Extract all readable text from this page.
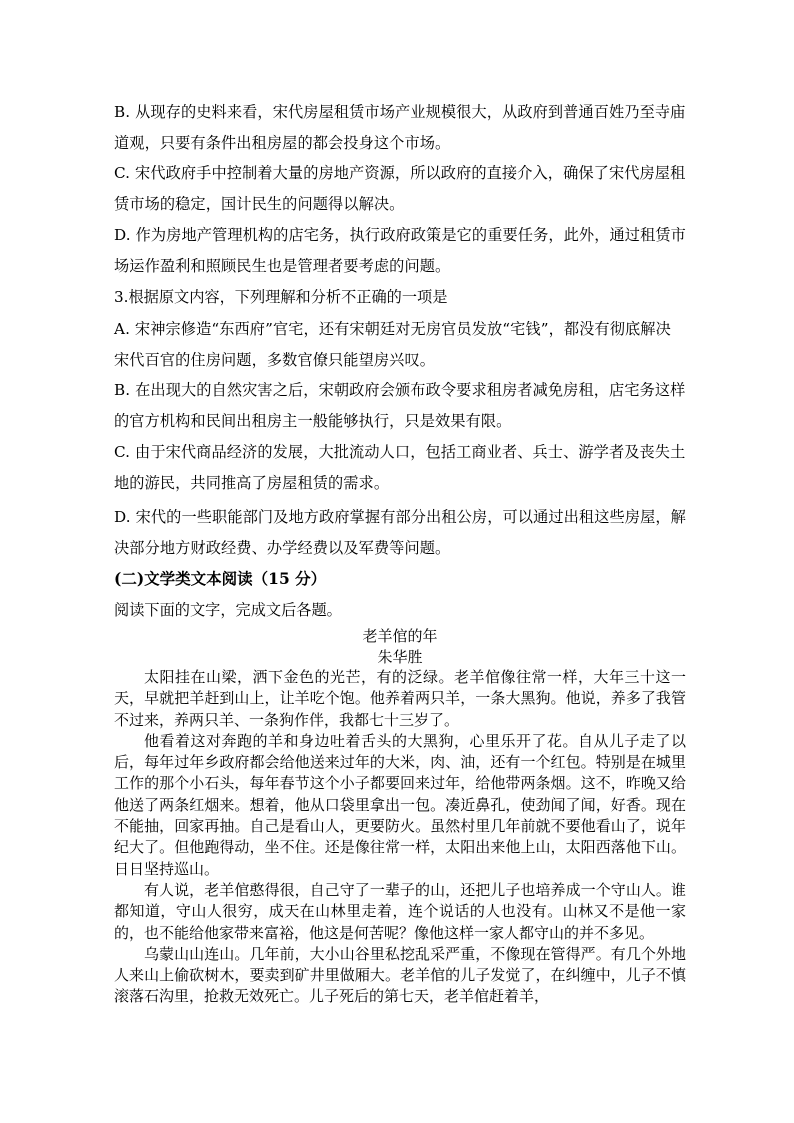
B. 从现存的史料来看，宋代房屋租赁市场产业规模很大，从政府到普通百姓乃至寺庙道观，只要有条件出租房屋的都会投身这个市场。
C. 宋代政府手中控制着大量的房地产资源，所以政府的直接介入，确保了宋代房屋租赁市场的稳定，国计民生的问题得以解决。
D. 作为房地产管理机构的店宅务，执行政府政策是它的重要任务，此外，通过租赁市场运作盈利和照顾民生也是管理者要考虑的问题。
3.根据原文内容，下列理解和分析不正确的一项是
A. 宋神宗修造“东西府”官宅，还有宋朝廷对无房官员发放“宅钱”，都没有彻底解决宋代百官的住房问题，多数官僚只能望房兴叹。
B. 在出现大的自然灾害之后，宋朝政府会颁布政令要求租房者减免房租，店宅务这样的官方机构和民间出租房主一般能够执行，只是效果有限。
C. 由于宋代商品经济的发展，大批流动人口，包括工商业者、兵士、游学者及丧失土地的游民，共同推高了房屋租赁的需求。
D. 宋代的一些职能部门及地方政府掌握有部分出租公房，可以通过出租这些房屋，解决部分地方财政经费、办学经费以及军费等问题。
(二)文学类文本阅读（15 分）
阅读下面的文字，完成文后各题。
老羊倌的年
朱华胜

太阳挂在山梁，洒下金色的光芒，有的泛绿。老羊倌像往常一样，大年三十这一天，早就把羊赶到山上，让羊吃个饱。他养着两只羊，一条大黑狗。他说，养多了我管不过来，养两只羊、一条狗作伴，我都七十三岁了。

他看着这对奔跑的羊和身边吐着舌头的大黑狗，心里乐开了花。自从儿子走了以后，每年过年乡政府都会给他送来过年的大米，肉、油，还有一个红包。特别是在城里工作的那个小石头，每年春节这个小子都要回来过年，给他带两条烟。这不，昨晚又给他送了两条红烟来。想着，他从口袋里拿出一包。凑近鼻孔，使劲闻了闻，好香。现在不能抽，回家再抽。自己是看山人，更要防火。虽然村里几年前就不要他看山了，说年纪大了。但他跑得动，坐不住。还是像往常一样，太阳出来他上山，太阳西落他下山。日日坚持巡山。

有人说，老羊倌憨得很，自己守了一辈子的山，还把儿子也培养成一个守山人。谁都知道，守山人很穷，成天在山林里走着，连个说话的人也没有。山林又不是他一家的，也不能给他家带来富裕，他这是何苦呢？像他这样一家人都守山的并不多见。

乌蒙山山连山。几年前，大小山谷里私挖乱采严重，不像现在管得严。有几个外地人来山上偷砍树木，要卖到矿井里做厢大。老羊倌的儿子发觉了，在纠缠中，儿子不慎滚落石沟里，抢救无效死亡。儿子死后的第七天，老羊倌赶着羊，
